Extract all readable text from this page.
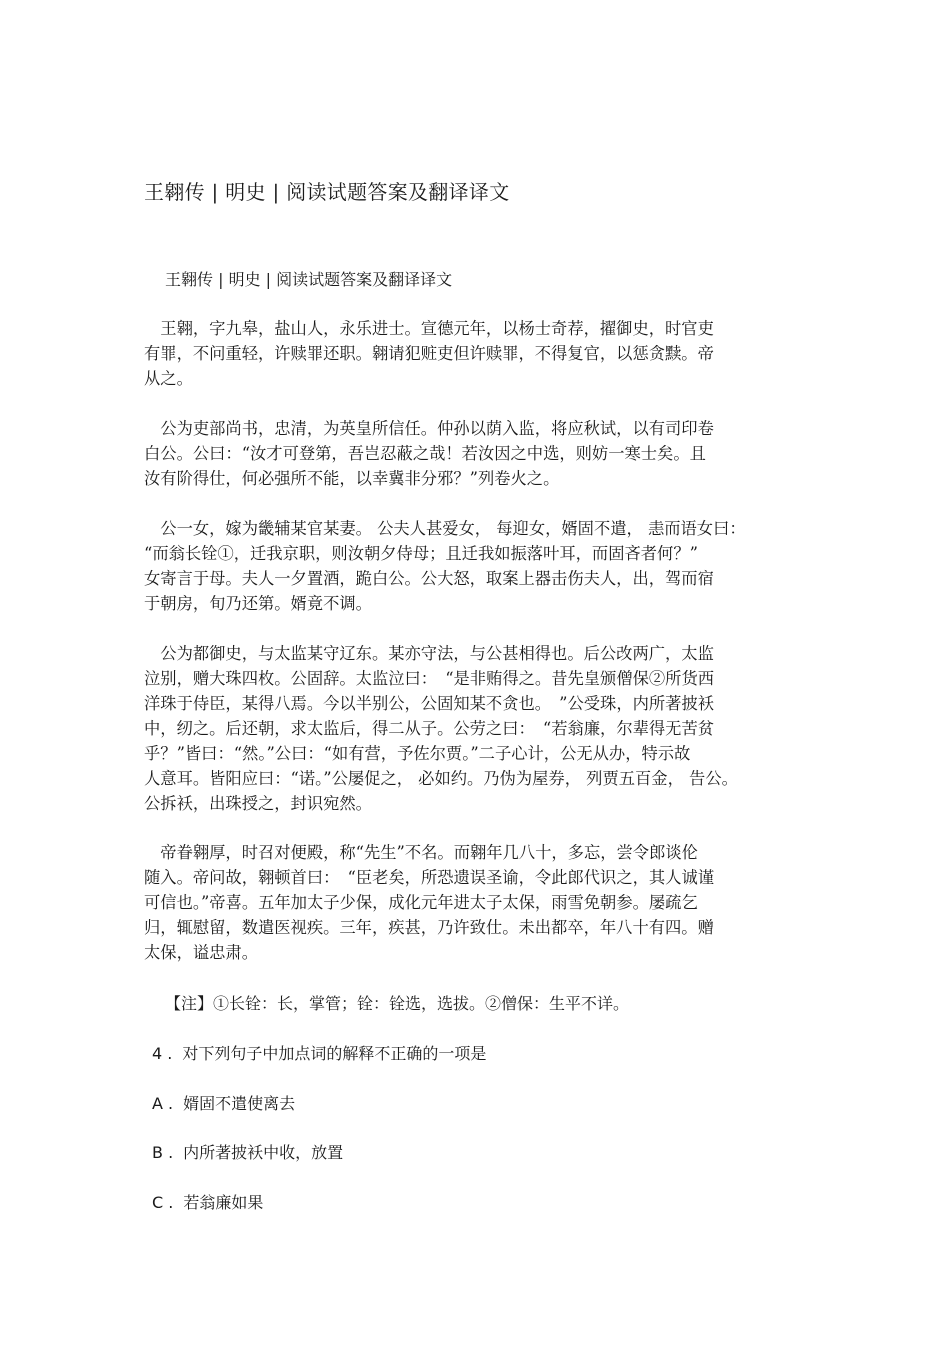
王翱传 | 明史 | 阅读试题答案及翻译译文
王翱传 | 明史 | 阅读试题答案及翻译译文
　王翱，字九皋，盐山人，永乐进士。宣德元年，以杨士奇荐，擢御史，时官吏
有罪，不问重轻，许赎罪还职。翱请犯赃吏但许赎罪，不得复官，以惩贪黩。帝
从之。
　公为吏部尚书，忠清，为英皇所信任。仲孙以荫入监，将应秋试，以有司印卷
白公。公曰：“汝才可登第，吾岂忍蔽之哉！若汝因之中选，则妨一寒士矣。且
汝有阶得仕，何必强所不能，以幸冀非分邪？”列卷火之。
　公一女，嫁为畿辅某官某妻。 公夫人甚爱女， 每迎女，婿固不遣， 恚而语女曰：
“而翁长铨①，迁我京职，则汝朝夕侍母；且迁我如振落叶耳，而固吝者何？”
女寄言于母。夫人一夕置酒，跪白公。公大怒，取案上器击伤夫人，出，驾而宿
于朝房，旬乃还第。婿竟不调。
　公为都御史，与太监某守辽东。某亦守法，与公甚相得也。后公改两广，太监
泣别，赠大珠四枚。公固辞。太监泣曰：　“是非贿得之。昔先皇颁僧保②所货西
洋珠于侍臣，某得八焉。今以半别公，公固知某不贪也。　”公受珠，内所著披袄
中，纫之。后还朝，求太监后，得二从子。公劳之曰：　“若翁廉，尔辈得无苦贫
乎？”皆曰：“然。”公曰：“如有营，予佐尔贾。”二子心计，公无从办，特示故
人意耳。皆阳应曰：“诺。”公屡促之， 必如约。乃伪为屋券， 列贾五百金， 告公。
公拆袄，出珠授之，封识宛然。
　帝眷翱厚，时召对便殿，称“先生”不名。而翱年几八十，多忘，尝令郎谈伦
随入。帝问故，翱顿首曰：　“臣老矣，所恐遗误圣谕，令此郎代识之，其人诚谨
可信也。”帝喜。五年加太子少保，成化元年进太子太保，雨雪免朝参。屡疏乞
归，辄慰留，数遣医视疾。三年，疾甚，乃许致仕。未出都卒，年八十有四。赠
太保，谥忠肃。
【注】①长铨：长，掌管；铨：铨选，选拔。②僧保：生平不详。
4 . 对下列句子中加点词的解释不正确的一项是
A . 婿固不遣使离去
B . 内所著披袄中收，放置
C . 若翁廉如果
